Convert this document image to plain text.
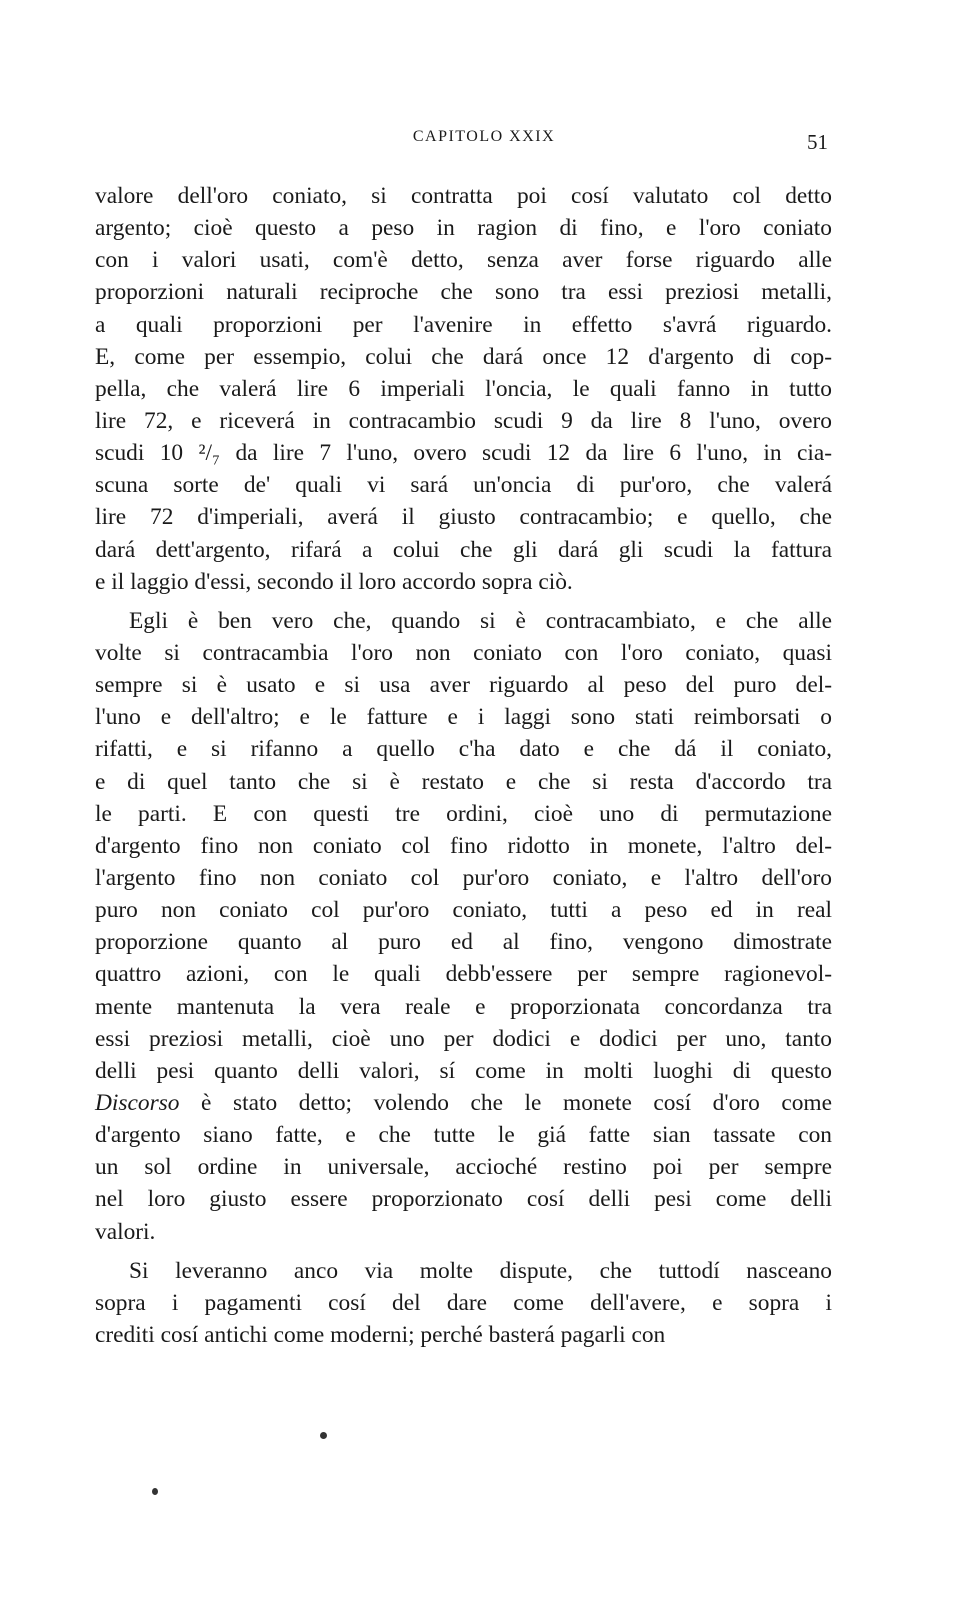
CAPITOLO XXIX	51
valore dell'oro coniato, si contratta poi cosí valutato col detto
argento; cioè questo a peso in ragion di fino, e l'oro coniato
con i valori usati, com'è detto, senza aver forse riguardo alle
proporzioni naturali reciproche che sono tra essi preziosi metalli,
a quali proporzioni per l'avenire in effetto s'avrá riguardo.
E, come per essempio, colui che dará once 12 d'argento di cop-
pella, che valerá lire 6 imperiali l'oncia, le quali fanno in tutto
lire 72, e riceverá in contracambio scudi 9 da lire 8 l'uno, overo
scudi 10 ²/₇ da lire 7 l'uno, overo scudi 12 da lire 6 l'uno, in cia-
scuna sorte de' quali vi sará un'oncia di pur'oro, che valerá
lire 72 d'imperiali, averá il giusto contracambio; e quello, che
dará dett'argento, rifará a colui che gli dará gli scudi la fattura
e il laggio d'essi, secondo il loro accordo sopra ciò.
Egli è ben vero che, quando si è contracambiato, e che alle
volte si contracambia l'oro non coniato con l'oro coniato, quasi
sempre si è usato e si usa aver riguardo al peso del puro del-
l'uno e dell'altro; e le fatture e i laggi sono stati reimborsati o
rifatti, e si rifanno a quello c'ha dato e che dá il coniato,
e di quel tanto che si è restato e che si resta d'accordo tra
le parti. E con questi tre ordini, cioè uno di permutazione
d'argento fino non coniato col fino ridotto in monete, l'altro del-
l'argento fino non coniato col pur'oro coniato, e l'altro dell'oro
puro non coniato col pur'oro coniato, tutti a peso ed in real
proporzione quanto al puro ed al fino, vengono dimostrate
quattro azioni, con le quali debb'essere per sempre ragionevol-
mente mantenuta la vera reale e proporzionata concordanza tra
essi preziosi metalli, cioè uno per dodici e dodici per uno, tanto
delli pesi quanto delli valori, sí come in molti luoghi di questo
Discorso è stato detto; volendo che le monete cosí d'oro come
d'argento siano fatte, e che tutte le giá fatte sian tassate con
un sol ordine in universale, accioché restino poi per sempre
nel loro giusto essere proporzionato cosí delli pesi come delli
valori.
Si leveranno anco via molte dispute, che tuttodí nasceano
sopra i pagamenti cosí del dare come dell'avere, e sopra i
crediti cosí antichi come moderni; perché basterá pagarli con
